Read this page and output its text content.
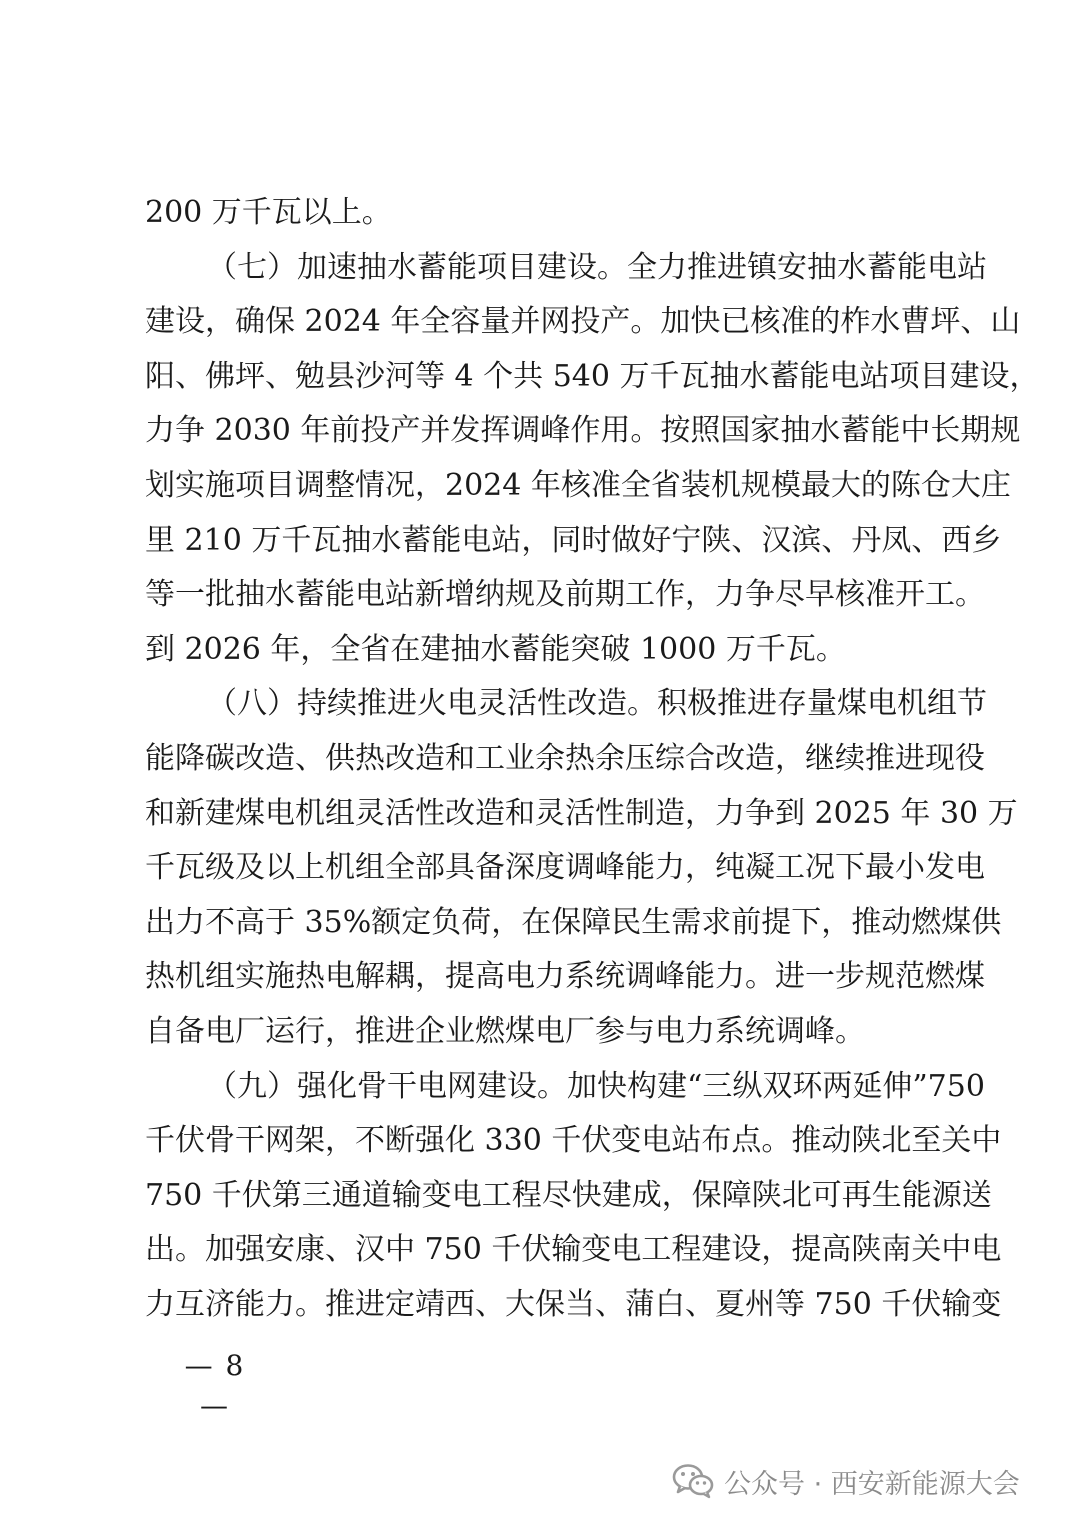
200 万千瓦以上。
（七）加速抽水蓄能项目建设。全力推进镇安抽水蓄能电站
建设，确保 2024 年全容量并网投产。加快已核准的柞水曹坪、山
阳、佛坪、勉县沙河等 4 个共 540 万千瓦抽水蓄能电站项目建设，
力争 2030 年前投产并发挥调峰作用。按照国家抽水蓄能中长期规
划实施项目调整情况，2024 年核准全省装机规模最大的陈仓大庄
里 210 万千瓦抽水蓄能电站，同时做好宁陕、汉滨、丹凤、西乡
等一批抽水蓄能电站新增纳规及前期工作，力争尽早核准开工。
到 2026 年，全省在建抽水蓄能突破 1000 万千瓦。
（八）持续推进火电灵活性改造。积极推进存量煤电机组节
能降碳改造、供热改造和工业余热余压综合改造，继续推进现役
和新建煤电机组灵活性改造和灵活性制造，力争到 2025 年 30 万
千瓦级及以上机组全部具备深度调峰能力，纯凝工况下最小发电
出力不高于 35%额定负荷，在保障民生需求前提下，推动燃煤供
热机组实施热电解耦，提高电力系统调峰能力。进一步规范燃煤
自备电厂运行，推进企业燃煤电厂参与电力系统调峰。
（九）强化骨干电网建设。加快构建“三纵双环两延伸”750
千伏骨干网架，不断强化 330 千伏变电站布点。推动陕北至关中
750 千伏第三通道输变电工程尽快建成，保障陕北可再生能源送
出。加强安康、汉中 750 千伏输变电工程建设，提高陕南关中电
力互济能力。推进定靖西、大保当、蒲白、夏州等 750 千伏输变
— 8 —
公众号 · 西安新能源大会
